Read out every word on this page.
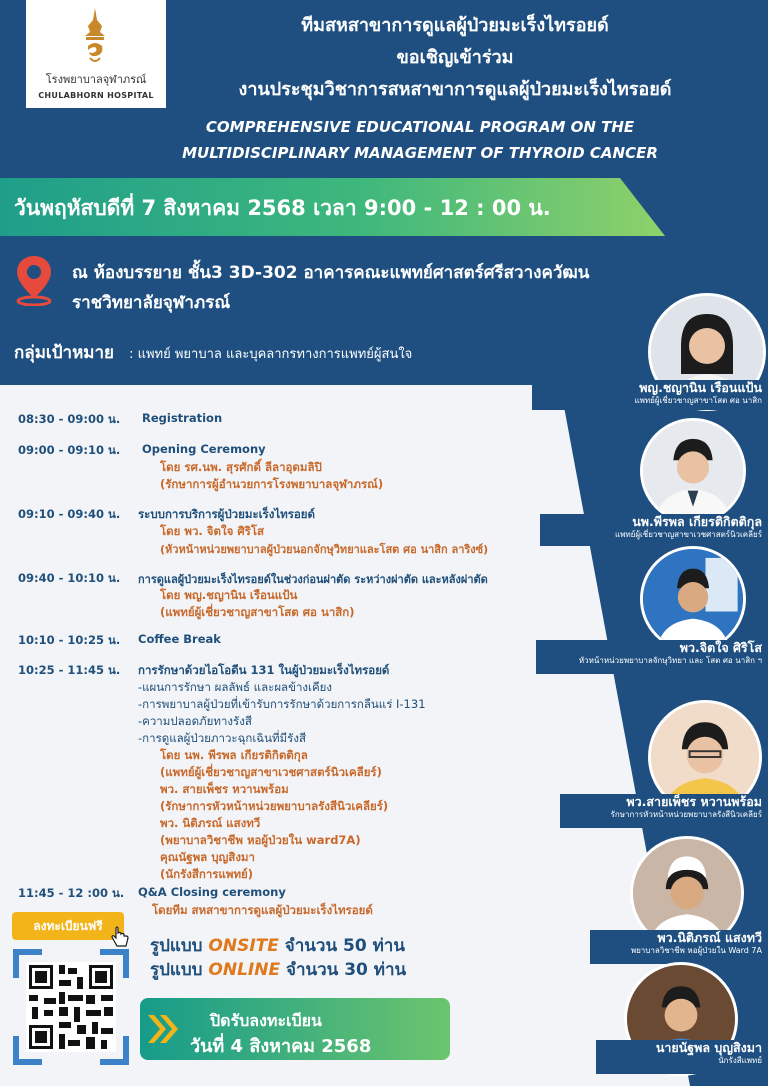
โรงพยาบาลจุฬาภรณ์
CHULABHORN HOSPITAL
ทีมสหสาขาการดูแลผู้ป่วยมะเร็งไทรอยด์
ขอเชิญเข้าร่วม
งานประชุมวิชาการสหสาขาการดูแลผู้ป่วยมะเร็งไทรอยด์
COMPREHENSIVE EDUCATIONAL PROGRAM ON THE
MULTIDISCIPLINARY MANAGEMENT OF THYROID CANCER
วันพฤหัสบดีที่ 7 สิงหาคม 2568 เวลา 9:00 - 12 : 00 น.
ณ ห้องบรรยาย ชั้น3 3D-302 อาคารคณะแพทย์ศาสตร์ศรีสวางควัฒน
ราชวิทยาลัยจุฬาภรณ์
กลุ่มเป้าหมาย : แพทย์ พยาบาล และบุคลากรทางการแพทย์ผู้สนใจ
08:30 - 09:00 น. Registration
09:00 - 09:10 น. Opening Ceremony
โดย รศ.นพ. สุรศักดิ์ ลีลาอุดมลิปิ
(รักษาการผู้อำนวยการโรงพยาบาลจุฬาภรณ์)
09:10 - 09:40 น. ระบบการบริการผู้ป่วยมะเร็งไทรอยด์
โดย พว. จิตใจ ศิริโส
(หัวหน้าหน่วยพยาบาลผู้ป่วยนอกจักษุวิทยาและโสต ศอ นาสิก ลาริงซ์)
09:40 - 10:10 น. การดูแลผู้ป่วยมะเร็งไทรอยด์ในช่วงก่อนผ่าตัด ระหว่างผ่าตัด และหลังผ่าตัด
โดย พญ.ชญานิน เรือนแป้น
(แพทย์ผู้เชี่ยวชาญสาขาโสต ศอ นาสิก)
10:10 - 10:25 น. Coffee Break
10:25 - 11:45 น. การรักษาด้วยไอโอดีน 131 ในผู้ป่วยมะเร็งไทรอยด์
-แผนการรักษา ผลลัพธ์ และผลข้างเคียง
-การพยาบาลผู้ป่วยที่เข้ารับการรักษาด้วยการกลืนแร่ I-131
-ความปลอดภัยทางรังสี
-การดูแลผู้ป่วยภาวะฉุกเฉินที่มีรังสี
โดย นพ. พีรพล เกียรติกิตติกุล
(แพทย์ผู้เชี่ยวชาญสาขาเวชศาสตร์นิวเคลียร์)
พว. สายเพ็ชร หวานพร้อม
(รักษาการหัวหน้าหน่วยพยาบาลรังสีนิวเคลียร์)
พว. นิติภรณ์ แสงทวี
(พยาบาลวิชาชีพ หอผู้ป่วยใน ward7A)
คุณนัฐพล บุญสิงมา
(นักรังสีการแพทย์)
11:45 - 12 :00 น. Q&A Closing ceremony
โดยทีม สหสาขาการดูแลผู้ป่วยมะเร็งไทรอยด์
พญ.ชญานิน เรือนแป้น
แพทย์ผู้เชี่ยวชาญสาขาโสต ศอ นาสิก
นพ.พีรพล เกียรติกิตติกุล
แพทย์ผู้เชี่ยวชาญสาขาเวชศาสตร์นิวเคลียร์
พว.จิตใจ ศิริโส
หัวหน้าหน่วยพยาบาลจักษุวิทยา และ โสต ศอ นาสิก ฯ
พว.สายเพ็ชร หวานพร้อม
รักษาการหัวหน้าหน่วยพยาบาลรังสีนิวเคลียร์
พว.นิติภรณ์ แสงทวี
พยาบาลวิชาชีพ หอผู้ป่วยใน Ward 7A
นายนัฐพล บุญสิงมา
นักรังสีแพทย์
ลงทะเบียนฟรี
รูปแบบ ONSITE จำนวน 50 ท่าน
รูปแบบ ONLINE จำนวน 30 ท่าน
ปิดรับลงทะเบียน
วันที่ 4 สิงหาคม 2568
